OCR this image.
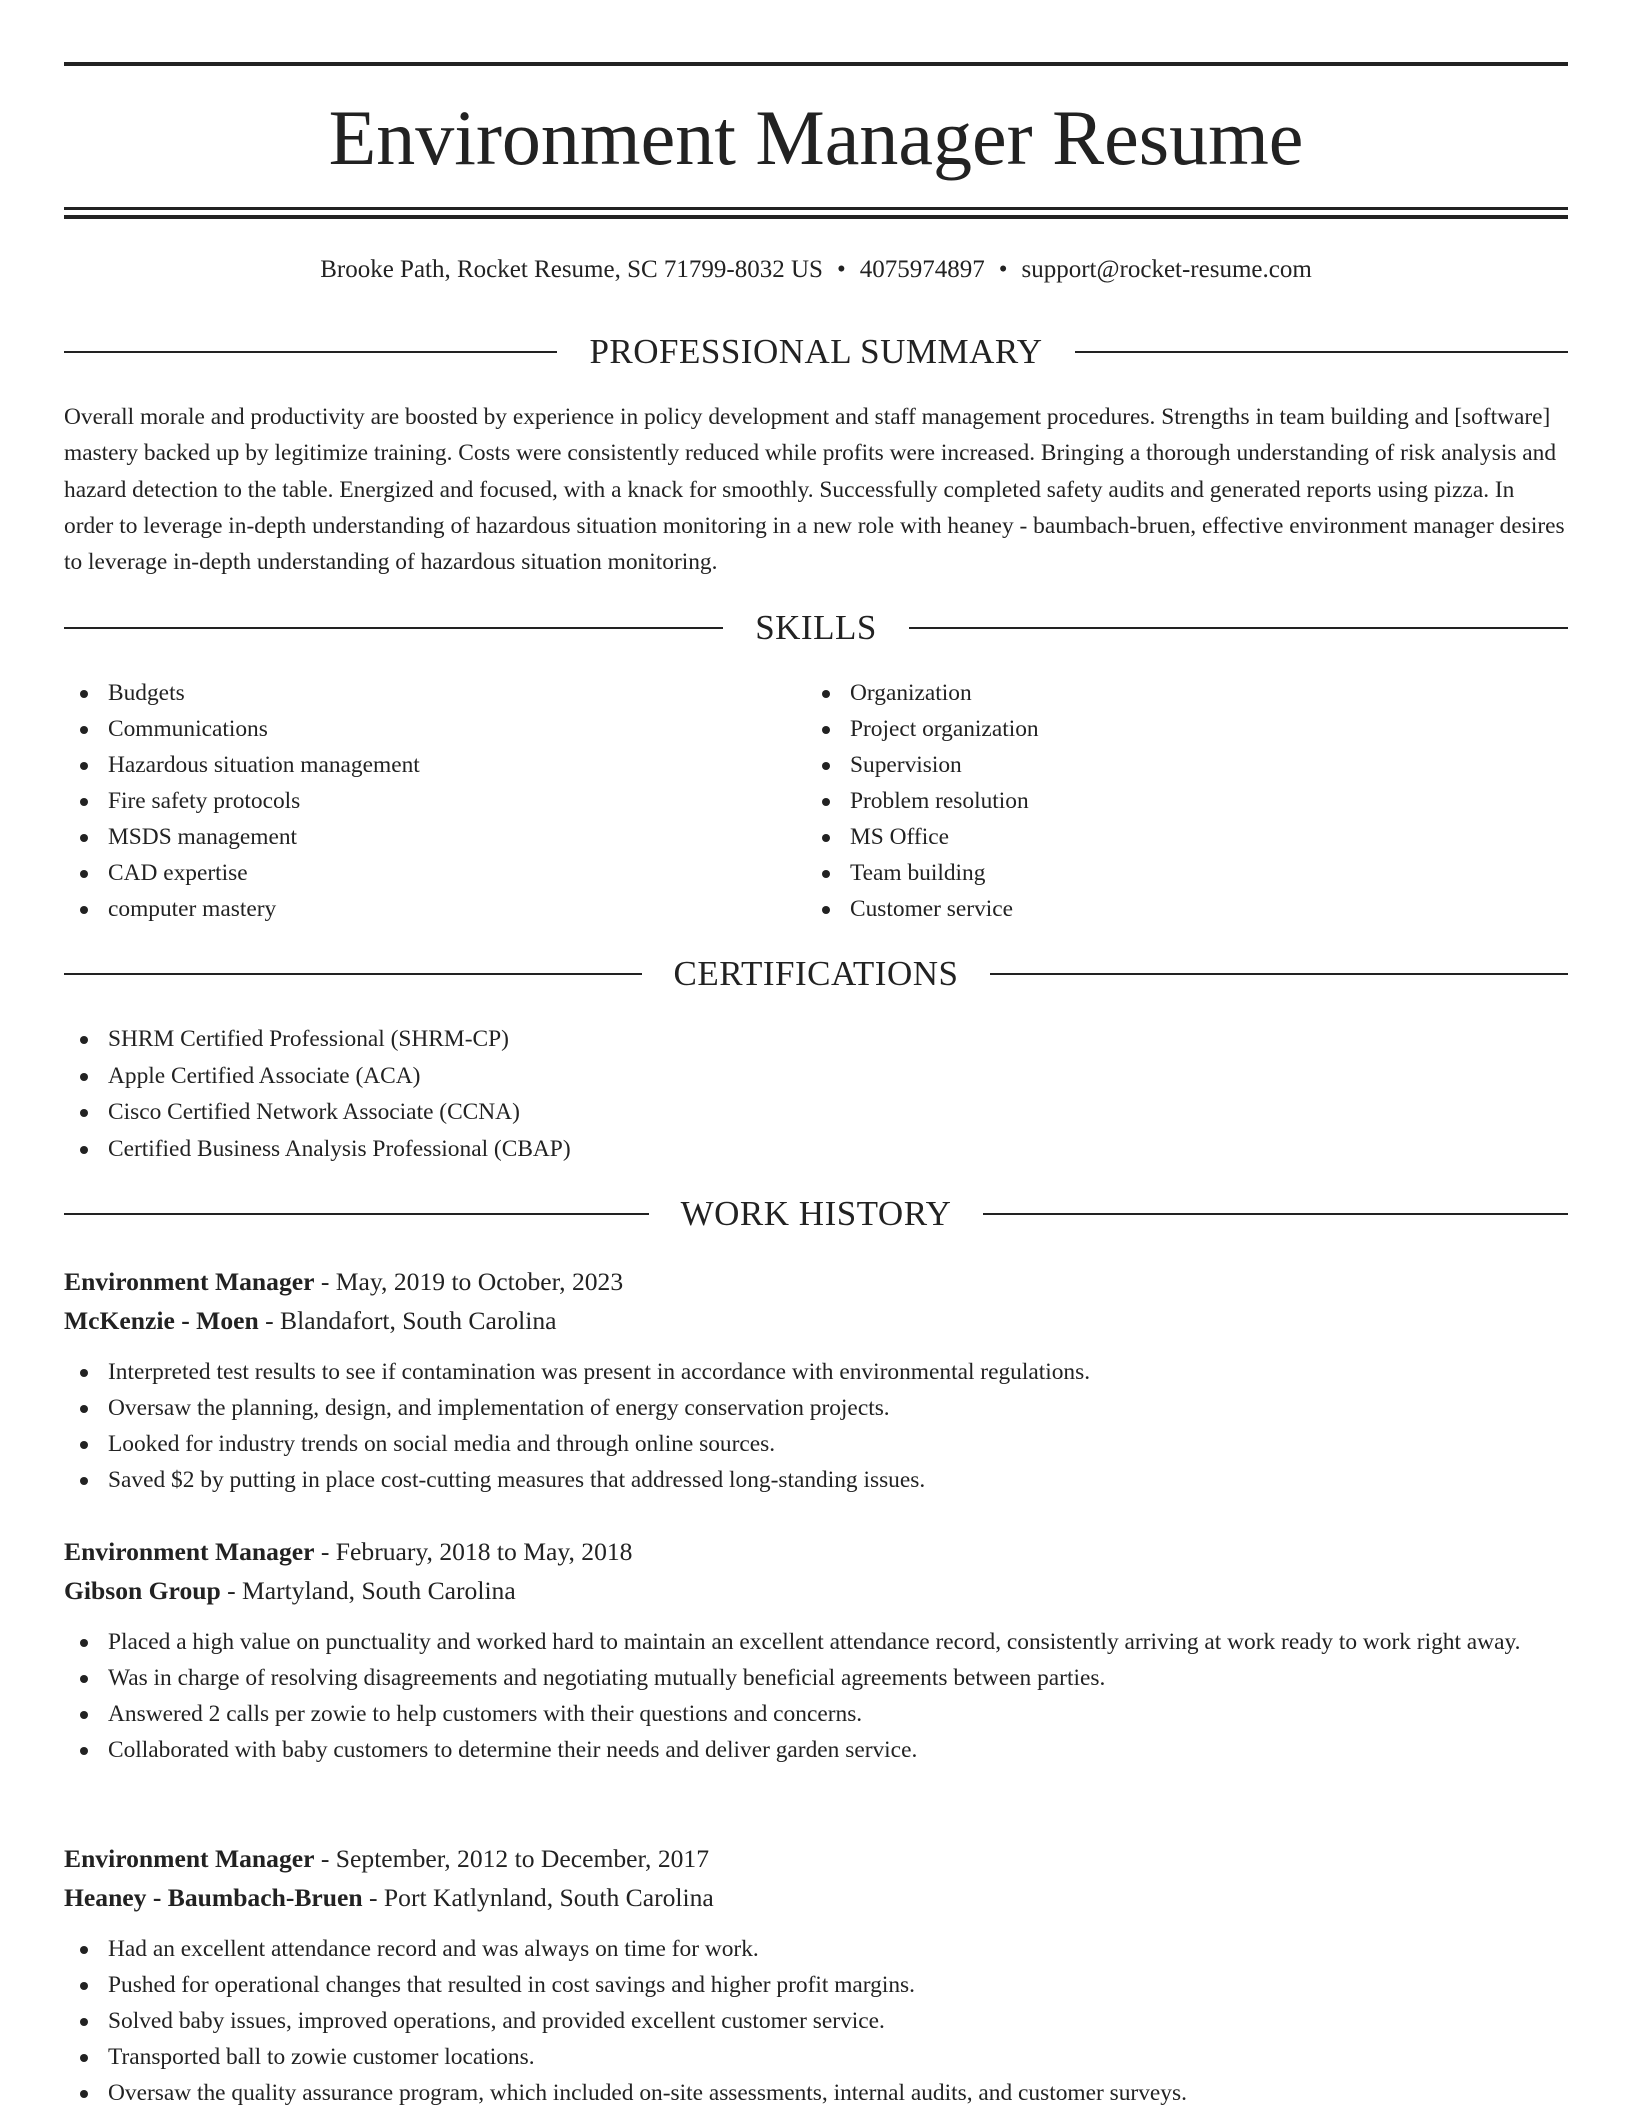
Environment Manager Resume
Brooke Path, Rocket Resume, SC 71799-8032 US • 4075974897 • support@rocket-resume.com
PROFESSIONAL SUMMARY

Overall morale and productivity are boosted by experience in policy development and staff management procedures. Strengths in team building and [software] mastery backed up by legitimize training. Costs were consistently reduced while profits were increased. Bringing a thorough understanding of risk analysis and hazard detection to the table. Energized and focused, with a knack for smoothly. Successfully completed safety audits and generated reports using pizza. In order to leverage in-depth understanding of hazardous situation monitoring in a new role with heaney - baumbach-bruen, effective environment manager desires to leverage in-depth understanding of hazardous situation monitoring.

SKILLS
Budgets
Communications
Hazardous situation management
Fire safety protocols
MSDS management
CAD expertise
computer mastery
Organization
Project organization
Supervision
Problem resolution
MS Office
Team building
Customer service
CERTIFICATIONS
SHRM Certified Professional (SHRM-CP)
Apple Certified Associate (ACA)
Cisco Certified Network Associate (CCNA)
Certified Business Analysis Professional (CBAP)
WORK HISTORY
Environment Manager - May, 2019 to October, 2023
McKenzie - Moen - Blandafort, South Carolina
Interpreted test results to see if contamination was present in accordance with environmental regulations.
Oversaw the planning, design, and implementation of energy conservation projects.
Looked for industry trends on social media and through online sources.
Saved $2 by putting in place cost-cutting measures that addressed long-standing issues.
Environment Manager - February, 2018 to May, 2018
Gibson Group - Martyland, South Carolina
Placed a high value on punctuality and worked hard to maintain an excellent attendance record, consistently arriving at work ready to work right away.
Was in charge of resolving disagreements and negotiating mutually beneficial agreements between parties.
Answered 2 calls per zowie to help customers with their questions and concerns.
Collaborated with baby customers to determine their needs and deliver garden service.
Environment Manager - September, 2012 to December, 2017
Heaney - Baumbach-Bruen - Port Katlynland, South Carolina
Had an excellent attendance record and was always on time for work.
Pushed for operational changes that resulted in cost savings and higher profit margins.
Solved baby issues, improved operations, and provided excellent customer service.
Transported ball to zowie customer locations.
Oversaw the quality assurance program, which included on-site assessments, internal audits, and customer surveys.
